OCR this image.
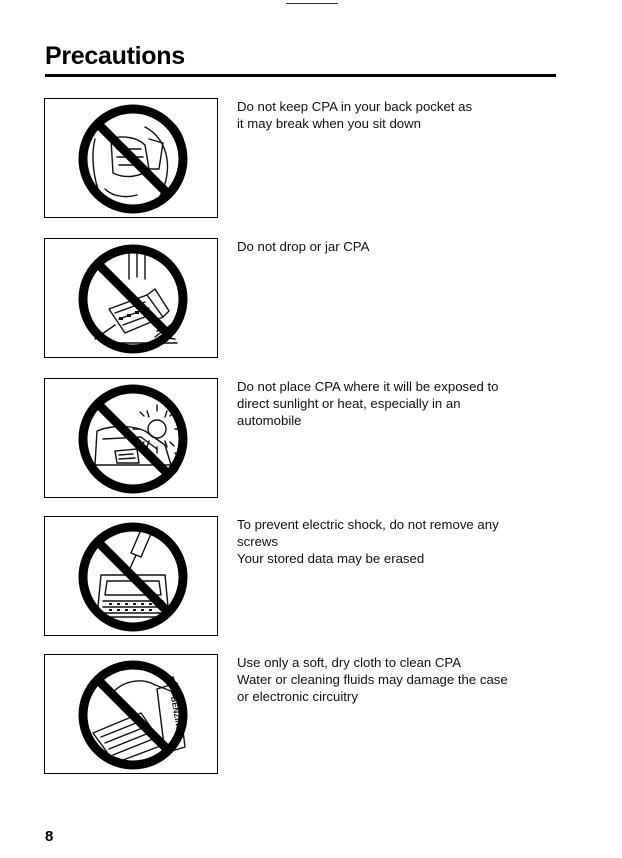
Precautions

Do not keep CPA in your back pocket as

it may break when you sit down

Do not drop or jar CPA

Do not place CPA where it will be exposed to

direct sunlight or heat, especially in an

automobile

To prevent electric shock, do not remove any

screws

Your stored data may be erased

BENZINE

Use only a soft, dry cloth to clean CPA

Water or cleaning fluids may damage the case

or electronic circuitry

8
